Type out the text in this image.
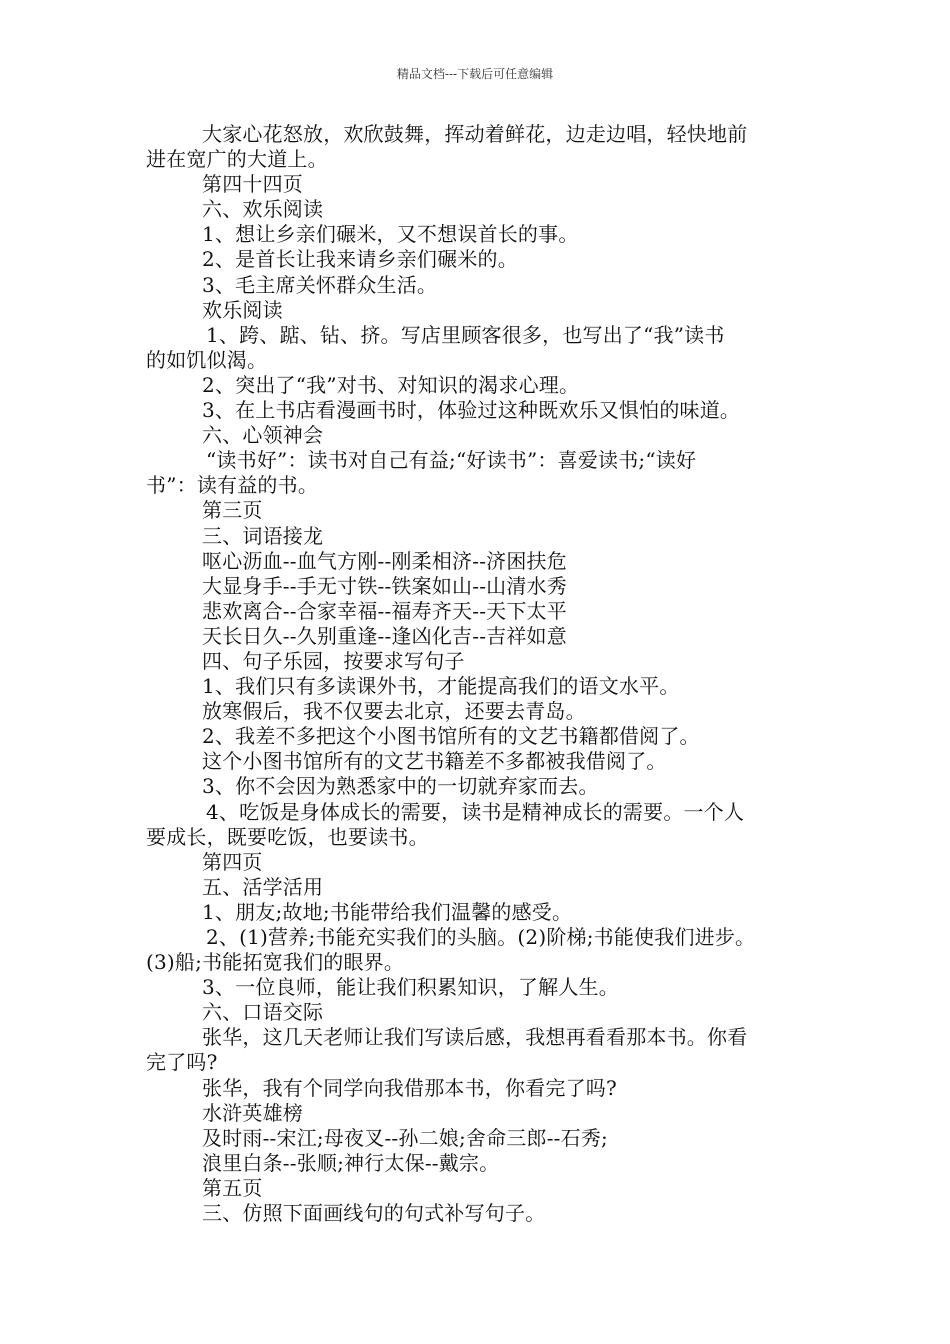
精品文档---下载后可任意编辑
大家心花怒放，欢欣鼓舞，挥动着鲜花，边走边唱，轻快地前
进在宽广的大道上。
第四十四页
六、欢乐阅读
1、想让乡亲们碾米，又不想误首长的事。
2、是首长让我来请乡亲们碾米的。
3、毛主席关怀群众生活。
欢乐阅读
1、跨、踮、钻、挤。写店里顾客很多，也写出了“我”读书
的如饥似渴。
2、突出了“我”对书、对知识的渴求心理。
3、在上书店看漫画书时，体验过这种既欢乐又惧怕的味道。
六、心领神会
“读书好”：读书对自己有益;“好读书”：喜爱读书;“读好
书”：读有益的书。
第三页
三、词语接龙
呕心沥血--血气方刚--刚柔相济--济困扶危
大显身手--手无寸铁--铁案如山--山清水秀
悲欢离合--合家幸福--福寿齐天--天下太平
天长日久--久别重逢--逢凶化吉--吉祥如意
四、句子乐园，按要求写句子
1、我们只有多读课外书，才能提高我们的语文水平。
放寒假后，我不仅要去北京，还要去青岛。
2、我差不多把这个小图书馆所有的文艺书籍都借阅了。
这个小图书馆所有的文艺书籍差不多都被我借阅了。
3、你不会因为熟悉家中的一切就弃家而去。
4、吃饭是身体成长的需要，读书是精神成长的需要。一个人
要成长，既要吃饭，也要读书。
第四页
五、活学活用
1、朋友;故地;书能带给我们温馨的感受。
2、(1)营养;书能充实我们的头脑。(2)阶梯;书能使我们进步。
(3)船;书能拓宽我们的眼界。
3、一位良师，能让我们积累知识，了解人生。
六、口语交际
张华，这几天老师让我们写读后感，我想再看看那本书。你看
完了吗?
张华，我有个同学向我借那本书，你看完了吗?
水浒英雄榜
及时雨--宋江;母夜叉--孙二娘;舍命三郎--石秀;
浪里白条--张顺;神行太保--戴宗。
第五页
三、仿照下面画线句的句式补写句子。
